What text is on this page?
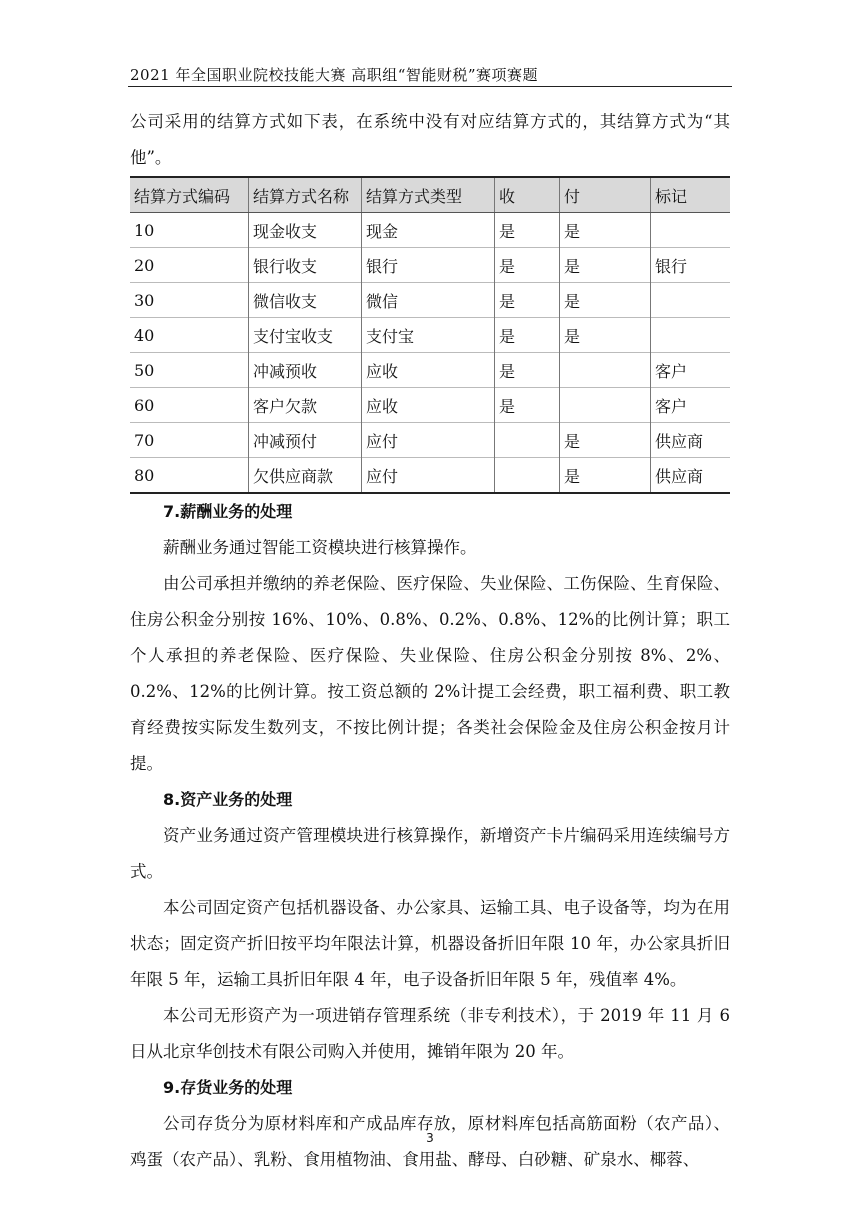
2021 年全国职业院校技能大赛 高职组“智能财税”赛项赛题

公司采用的结算方式如下表，在系统中没有对应结算方式的，其结算方式为“其他”。

结算方式编码	结算方式名称	结算方式类型	收	付	标记
10	现金收支	现金	是	是	
20	银行收支	银行	是	是	银行
30	微信收支	微信	是	是	
40	支付宝收支	支付宝	是	是	
50	冲减预收	应收	是		客户
60	客户欠款	应收	是		客户
70	冲减预付	应付		是	供应商
80	欠供应商款	应付		是	供应商
7.薪酬业务的处理

薪酬业务通过智能工资模块进行核算操作。

由公司承担并缴纳的养老保险、医疗保险、失业保险、工伤保险、生育保险、住房公积金分别按 16%、10%、0.8%、0.2%、0.8%、12%的比例计算；职工个人承担的养老保险、医疗保险、失业保险、住房公积金分别按 8%、2%、0.2%、12%的比例计算。按工资总额的 2%计提工会经费，职工福利费、职工教育经费按实际发生数列支，不按比例计提；各类社会保险金及住房公积金按月计提。

8.资产业务的处理

资产业务通过资产管理模块进行核算操作，新增资产卡片编码采用连续编号方式。

本公司固定资产包括机器设备、办公家具、运输工具、电子设备等，均为在用状态；固定资产折旧按平均年限法计算，机器设备折旧年限 10 年，办公家具折旧年限 5 年，运输工具折旧年限 4 年，电子设备折旧年限 5 年，残值率 4%。

本公司无形资产为一项进销存管理系统（非专利技术），于 2019 年 11 月 6 日从北京华创技术有限公司购入并使用，摊销年限为 20 年。

9.存货业务的处理

公司存货分为原材料库和产成品库存放，原材料库包括高筋面粉（农产品）、鸡蛋（农产品）、乳粉、食用植物油、食用盐、酵母、白砂糖、矿泉水、椰蓉、

3
